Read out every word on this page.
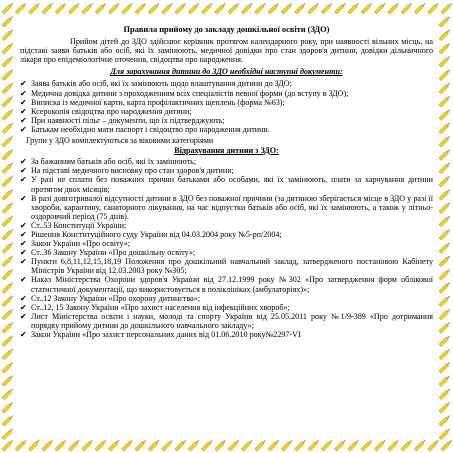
Правила прийому до закладу дошкільної освіти (ЗДО)
Прийом дітей до ЗДО здійснює керівник протягом календарного року, при наявності вільних місць, на підставі заяви батьків або осіб, які їх замінюють, медичної довідки про стан здоров'я дитини, довідки дільничного лікаря про епідеміологічне оточення, свідоцтва про народження.
Для зарахування дитини до ЗДО необхідні наступні документи:
✔ Заява батьків або осіб, які їх замінюють щодо влаштування дитини до ЗДО;
✔ Медична довідка дитини з проходженням всіх спеціалістів певної форми (до вступу в ЗДО);
✔ Виписка із медичної карти, карта профілактичних щеплень (форма №63);
✔ Ксерокопія свідоцтва про народження дитини;
✔ При наявності пільг – документи, що їх підтверджують;
✔ Батькам необхідно мати паспорт і свідоцтво про народження дитини.
Групи у ЗДО комплектуються за віковими категоріями
Відрахування дитини з ЗДО:
✔ За бажанням батьків або осіб, які їх замінюють;
✔ На підставі медичного висновку про стан здоров'я дитини;
✔ У разі не сплати без поважних причин батьками або особами, які їх замінюють, плати за харчування дитини протягом двох місяців;
✔ В разі довготривалої відсутності дитини в ЗДО без поважної причини (за дитиною зберігається місце в ЗДО у разі її хвороби, карантину, санаторного лікування, на час відпустки батьків або осіб, які їх замінюють, а також у літньо-оздоровчий період (75 днів).
✔ Ст..53 Конституції України;
✔ Рішення Конституційного суду України від 04.03.2004 року №5-рп/2004;
✔ Закон України «Про освіту»;
✔ Ст..36 Закону України «Про дошкільну освіту»;
✔ Пункти 6,8,11,12,15,18,19 Положення про дошкільний навчальний заклад, затвердженого постановою Кабінету Міністрів України від 12.03.2003 року №305;
✔ Наказ Міністерства Охорони здоров'я України від 27.12.1999 року №302 «Про затвердження форм облікової статистичної документації, що використовується в поліклініках (амбулаторіях)»;
✔ Ст..12 Закону України «Про охорону дитинства»;
✔ Ст..12, 15 Закону України «Про захист населення від інфекційних хвороб»;
✔ Лист Міністерства освіти і науки, молоді та спорту України від 25.05.2011 року №1/9-389 «Про дотримання порядку прийому дитини до дошкільного навчального закладу»;
✔ Закон України «Про захист персональних даних від 01.06.2010 року№2297-VI
